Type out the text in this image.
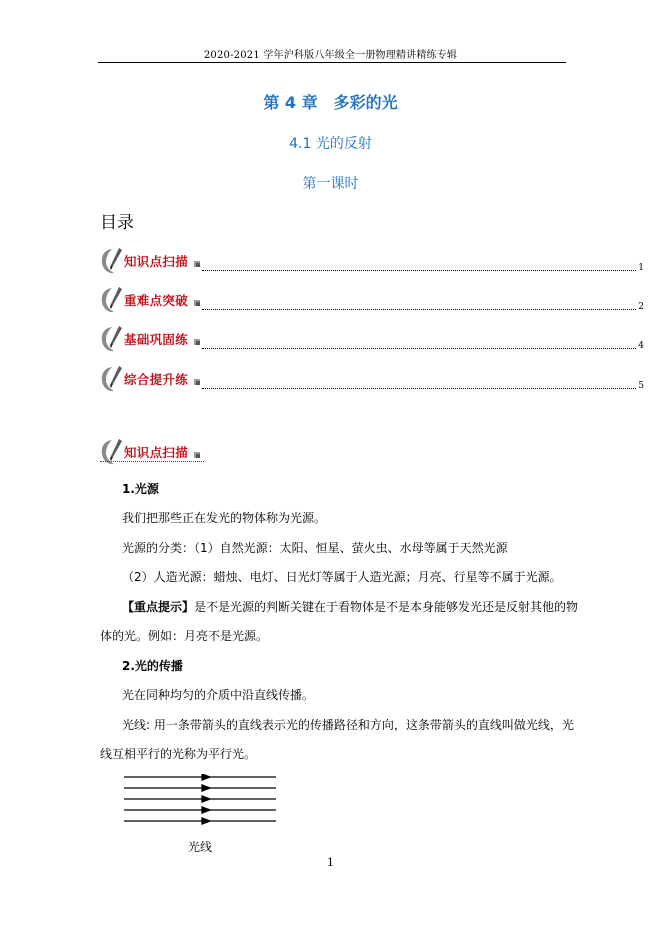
2020-2021 学年沪科版八年级全一册物理精讲精练专辑
第 4 章　多彩的光
4.1 光的反射
第一课时
目录
知识点扫描	1
重难点突破	2
基础巩固练	4
综合提升练	5
知识点扫描
1.光源
我们把那些正在发光的物体称为光源。
光源的分类：（1）自然光源：太阳、恒星、萤火虫、水母等属于天然光源
（2）人造光源：蜡烛、电灯、日光灯等属于人造光源；月亮、行星等不属于光源。
【重点提示】是不是光源的判断关键在于看物体是不是本身能够发光还是反射其他的物
体的光。例如：月亮不是光源。
2.光的传播
光在同种均匀的介质中沿直线传播。
光线: 用一条带箭头的直线表示光的传播路径和方向，这条带箭头的直线叫做光线，光
线互相平行的光称为平行光。
光线
1
